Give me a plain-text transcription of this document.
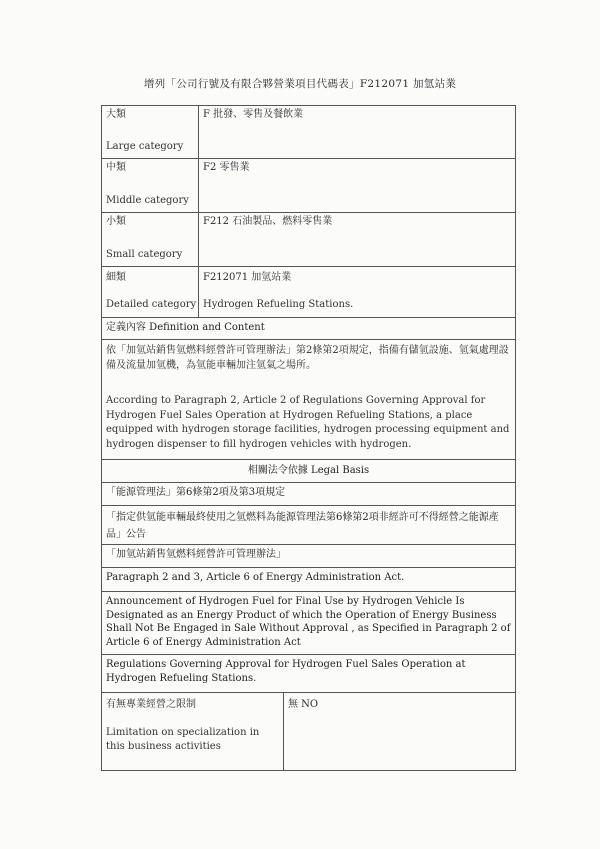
增列「公司行號及有限合夥營業項目代碼表」F212071 加氫站業
大類
Large category
F 批發、零售及餐飲業
中類
Middle category
F2 零售業
小類
Small category
F212 石油製品、燃料零售業
細類
Detailed category
F212071 加氫站業
Hydrogen Refueling Stations.
定義內容 Definition and Content

依「加氫站銷售氫燃料經營許可管理辦法」第2條第2項規定，指備有儲氫設施、氫氣處理設備及流量加氫機，為氫能車輛加注氫氣之場所。

According to Paragraph 2, Article 2 of Regulations Governing Approval for Hydrogen Fuel Sales Operation at Hydrogen Refueling Stations, a place equipped with hydrogen storage facilities, hydrogen processing equipment and hydrogen dispenser to fill hydrogen vehicles with hydrogen.

相關法令依據 Legal Basis
「能源管理法」第6條第2項及第3項規定
「指定供氫能車輛最終使用之氫燃料為能源管理法第6條第2項非經許可不得經營之能源產品」公告
「加氫站銷售氫燃料經營許可管理辦法」
Paragraph 2 and 3, Article 6 of Energy Administration Act.
Announcement of Hydrogen Fuel for Final Use by Hydrogen Vehicle Is Designated as an Energy Product of which the Operation of Energy Business Shall Not Be Engaged in Sale Without Approval , as Specified in Paragraph 2 of Article 6 of Energy Administration Act
Regulations Governing Approval for Hydrogen Fuel Sales Operation at Hydrogen Refueling Stations.
有無專業經營之限制
Limitation on specialization in this business activities
無 NO
